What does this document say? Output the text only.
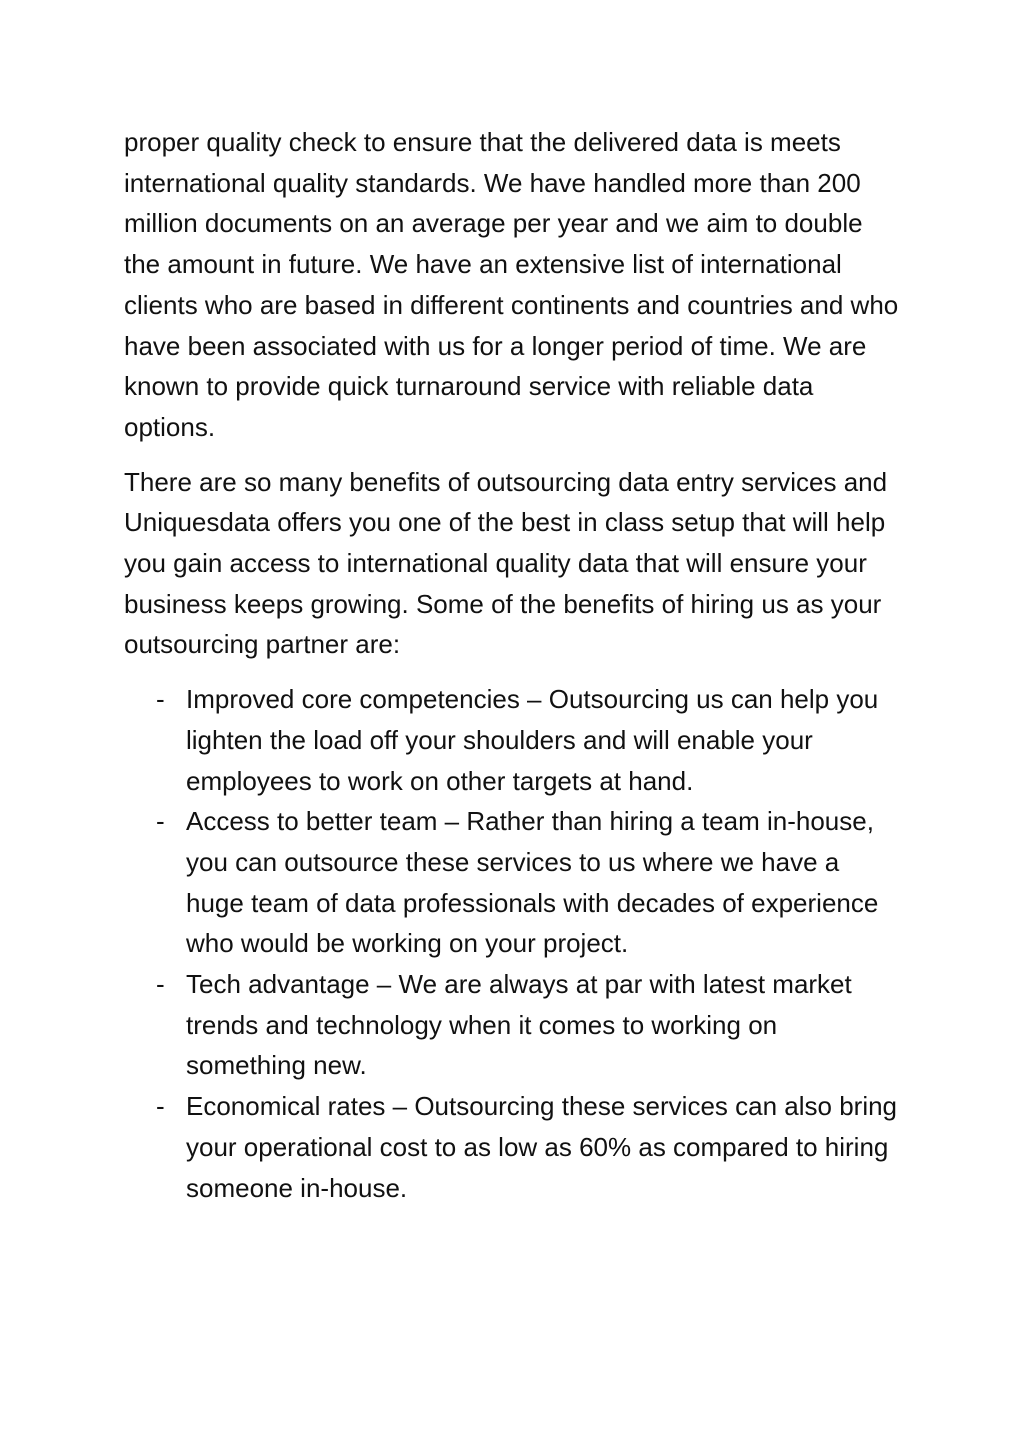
proper quality check to ensure that the delivered data is meets international quality standards. We have handled more than 200 million documents on an average per year and we aim to double the amount in future. We have an extensive list of international clients who are based in different continents and countries and who have been associated with us for a longer period of time. We are known to provide quick turnaround service with reliable data options.

There are so many benefits of outsourcing data entry services and Uniquesdata offers you one of the best in class setup that will help you gain access to international quality data that will ensure your business keeps growing. Some of the benefits of hiring us as your outsourcing partner are:

- Improved core competencies – Outsourcing us can help you lighten the load off your shoulders and will enable your employees to work on other targets at hand.
- Access to better team – Rather than hiring a team in-house, you can outsource these services to us where we have a huge team of data professionals with decades of experience who would be working on your project.
- Tech advantage – We are always at par with latest market trends and technology when it comes to working on something new.
- Economical rates – Outsourcing these services can also bring your operational cost to as low as 60% as compared to hiring someone in-house.
